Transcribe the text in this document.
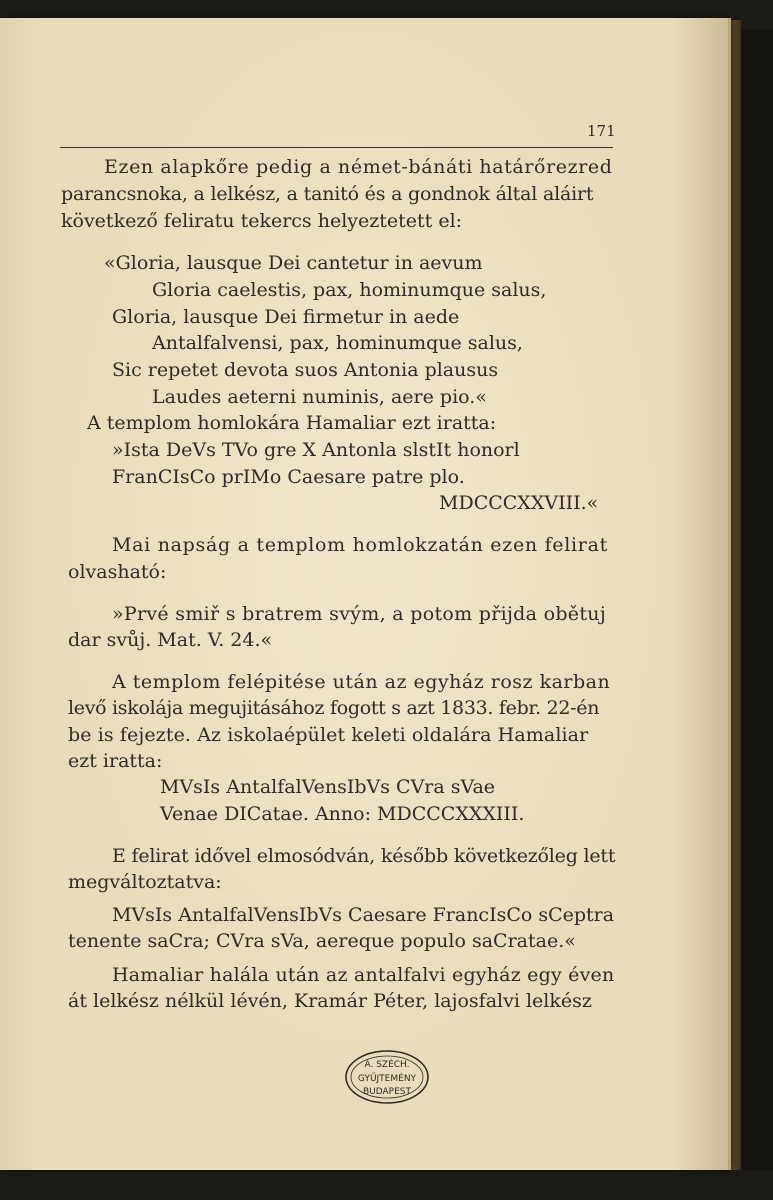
171
Ezen alapkőre pedig a német-bánáti határőrezred
parancsnoka, a lelkész, a tanitó és a gondnok által aláirt
következő feliratu tekercs helyeztetett el:
«Gloria, lausque Dei cantetur in aevum
Gloria caelestis, pax, hominumque salus,
Gloria, lausque Dei firmetur in aede
Antalfalvensi, pax, hominumque salus,
Sic repetet devota suos Antonia plausus
Laudes aeterni numinis, aere pio.«
A templom homlokára Hamaliar ezt iratta:
»Ista DeVs TVo gre X Antonla slstIt honorl
FranCIsCo prIMo Caesare patre plo.
MDCCCXXVIII.«
Mai napság a templom homlokzatán ezen felirat
olvasható:
»Prvé smiř s bratrem svým, a potom přijda obětuj
dar svůj. Mat. V. 24.«
A templom felépitése után az egyház rosz karban
levő iskolája megujitásához fogott s azt 1833. febr. 22-én
be is fejezte. Az iskolaépület keleti oldalára Hamaliar
ezt iratta:
MVsIs AntalfalVensIbVs CVra sVae
Venae DICatae. Anno: MDCCCXXXIII.
E felirat idővel elmosódván, később következőleg lett
megváltoztatva:
MVsIs AntalfalVensIbVs Caesare FrancIsCo sCeptra
tenente saCra; CVra sVa, aereque populo saCratae.«
Hamaliar halála után az antalfalvi egyház egy éven
át lelkész nélkül lévén, Kramár Péter, lajosfalvi lelkész
A. SZÉCH.
GYŰJTEMÉNY
BUDAPEST
